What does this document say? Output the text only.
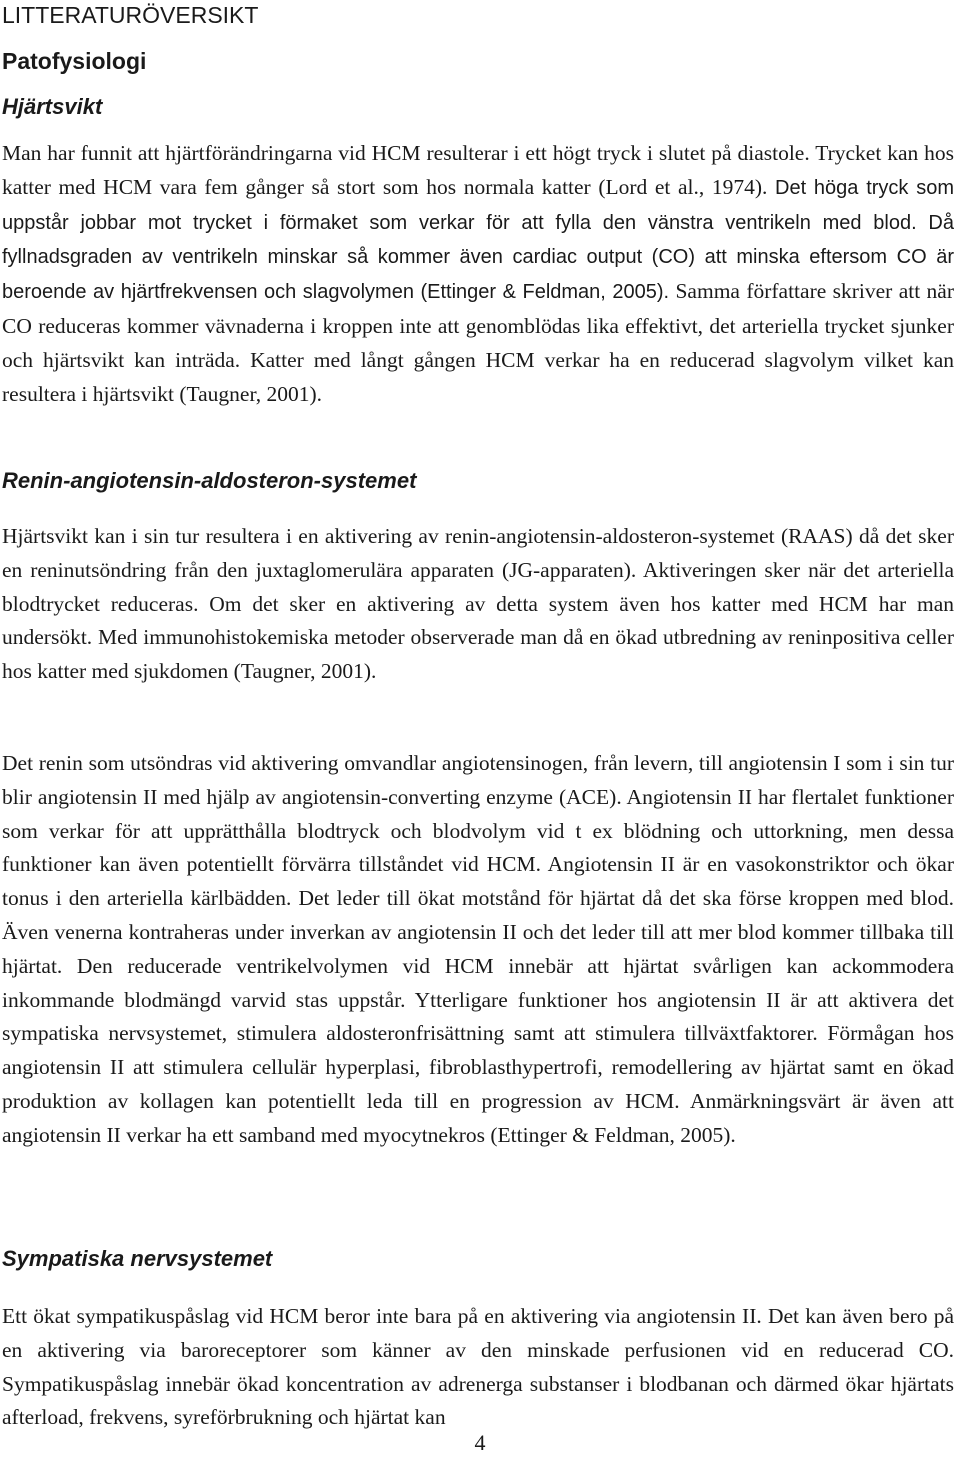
LITTERATURÖVERSIKT
Patofysiologi
Hjärtsvikt

Man har funnit att hjärtförändringarna vid HCM resulterar i ett högt tryck i slutet på diastole. Trycket kan hos katter med HCM vara fem gånger så stort som hos normala katter (Lord et al., 1974). Det höga tryck som uppstår jobbar mot trycket i förmaket som verkar för att fylla den vänstra ventrikeln med blod. Då fyllnadsgraden av ventrikeln minskar så kommer även cardiac output (CO) att minska eftersom CO är beroende av hjärtfrekvensen och slagvolymen (Ettinger & Feldman, 2005). Samma författare skriver att när CO reduceras kommer vävnaderna i kroppen inte att genomblödas lika effektivt, det arteriella trycket sjunker och hjärtsvikt kan inträda. Katter med långt gången HCM verkar ha en reducerad slagvolym vilket kan resultera i hjärtsvikt (Taugner, 2001).

Renin-angiotensin-aldosteron-systemet

Hjärtsvikt kan i sin tur resultera i en aktivering av renin-angiotensin-aldosteron-systemet (RAAS) då det sker en reninutsöndring från den juxtaglomerulära apparaten (JG-apparaten). Aktiveringen sker när det arteriella blodtrycket reduceras. Om det sker en aktivering av detta system även hos katter med HCM har man undersökt. Med immunohistokemiska metoder observerade man då en ökad utbredning av reninpositiva celler hos katter med sjukdomen (Taugner, 2001).

Det renin som utsöndras vid aktivering omvandlar angiotensinogen, från levern, till angiotensin I som i sin tur blir angiotensin II med hjälp av angiotensin-converting enzyme (ACE). Angiotensin II har flertalet funktioner som verkar för att upprätthålla blodtryck och blodvolym vid t ex blödning och uttorkning, men dessa funktioner kan även potentiellt förvärra tillståndet vid HCM. Angiotensin II är en vasokonstriktor och ökar tonus i den arteriella kärlbädden. Det leder till ökat motstånd för hjärtat då det ska förse kroppen med blod. Även venerna kontraheras under inverkan av angiotensin II och det leder till att mer blod kommer tillbaka till hjärtat. Den reducerade ventrikelvolymen vid HCM innebär att hjärtat svårligen kan ackommodera inkommande blodmängd varvid stas uppstår. Ytterligare funktioner hos angiotensin II är att aktivera det sympatiska nervsystemet, stimulera aldosteronfrisättning samt att stimulera tillväxtfaktorer. Förmågan hos angiotensin II att stimulera cellulär hyperplasi, fibroblasthypertrofi, remodellering av hjärtat samt en ökad produktion av kollagen kan potentiellt leda till en progression av HCM. Anmärkningsvärt är även att angiotensin II verkar ha ett samband med myocytnekros (Ettinger & Feldman, 2005).

Sympatiska nervsystemet

Ett ökat sympatikuspåslag vid HCM beror inte bara på en aktivering via angiotensin II. Det kan även bero på en aktivering via baroreceptorer som känner av den minskade perfusionen vid en reducerad CO. Sympatikuspåslag innebär ökad koncentration av adrenerga substanser i blodbanan och därmed ökar hjärtats afterload, frekvens, syreförbrukning och hjärtat kan

4
